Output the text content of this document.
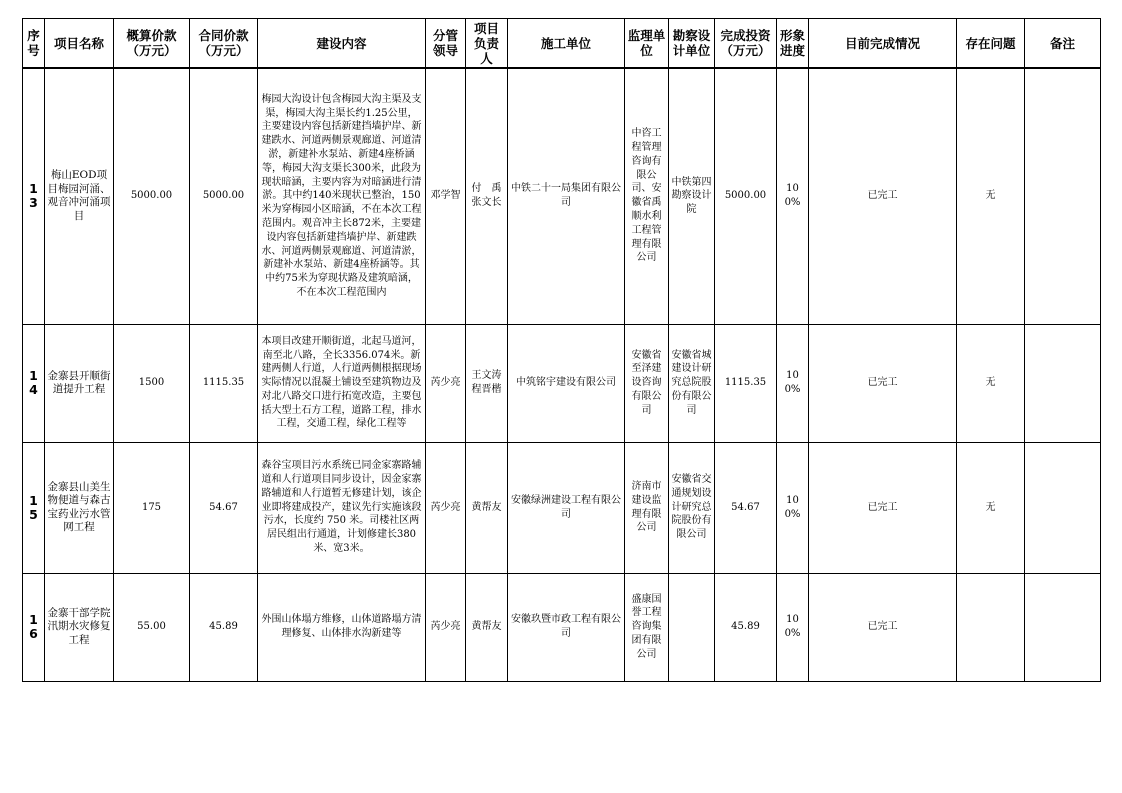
序号	项目名称	概算价款（万元）	合同价款（万元）	建设内容	分管领导	项目负责人	施工单位	监理单位	勘察设计单位	完成投资（万元）	形象进度	目前完成情况	存在问题	备注
13	梅山EOD项目梅园河涌、观音冲河涌项目	5000.00	5000.00	梅园大沟设计包含梅园大沟主渠及支渠，梅园大沟主渠长约1.25公里，主要建设内容包括新建挡墙护岸、新建跌水、河道两侧景观廊道、河道清淤，新建补水泵站、新建4座桥涵等，梅园大沟支渠长300米，此段为现状暗涵，主要内容为对暗涵进行清淤。其中约140米现状已整治，150米为穿梅园小区暗涵，不在本次工程范围内。观音冲主长872米，主要建设内容包括新建挡墙护岸、新建跌水、河道两侧景观廊道、河道清淤，新建补水泵站、新建4座桥涵等。其中约75米为穿现状路及建筑暗涵，不在本次工程范围内	邓学智	付　禹张文长	中铁二十一局集团有限公司	中咨工程管理咨询有限公司、安徽省禹顺水利工程管理有限公司	中铁第四勘察设计院	5000.00	100%	已完工	无	
14	金寨县开顺街道提升工程	1500	1115.35	本项目改建开顺街道，北起马道河，南至北八路，全长3356.074米。新建两侧人行道，人行道两侧根据现场实际情况以混凝土铺设至建筑物边及对北八路交口进行拓宽改造，主要包括大型土石方工程，道路工程，排水工程，交通工程，绿化工程等	芮少亮	王文涛程晋楷	中筑铭宇建设有限公司	安徽省至泽建设咨询有限公司	安徽省城建设计研究总院股份有限公司	1115.35	100%	已完工	无	
15	金寨县山美生物便道与森古宝药业污水管网工程	175	54.67	森谷宝项目污水系统已同金家寨路辅道和人行道项目同步设计，因金家寨路辅道和人行道暂无修建计划，该企业即将建成投产，建议先行实施该段污水，长度约 750 米。司楼社区两居民组出行通道，计划修建长380米、宽3米。	芮少亮	黄帮友	安徽绿洲建设工程有限公司	济南市建设监理有限公司	安徽省交通规划设计研究总院股份有限公司	54.67	100%	已完工	无	
16	金寨干部学院汛期水灾修复工程	55.00	45.89	外围山体塌方维修，山体道路塌方清理修复、山体排水沟新建等	芮少亮	黄帮友	安徽玖暨市政工程有限公司	盛康国誉工程咨询集团有限公司		45.89	100%	已完工		
